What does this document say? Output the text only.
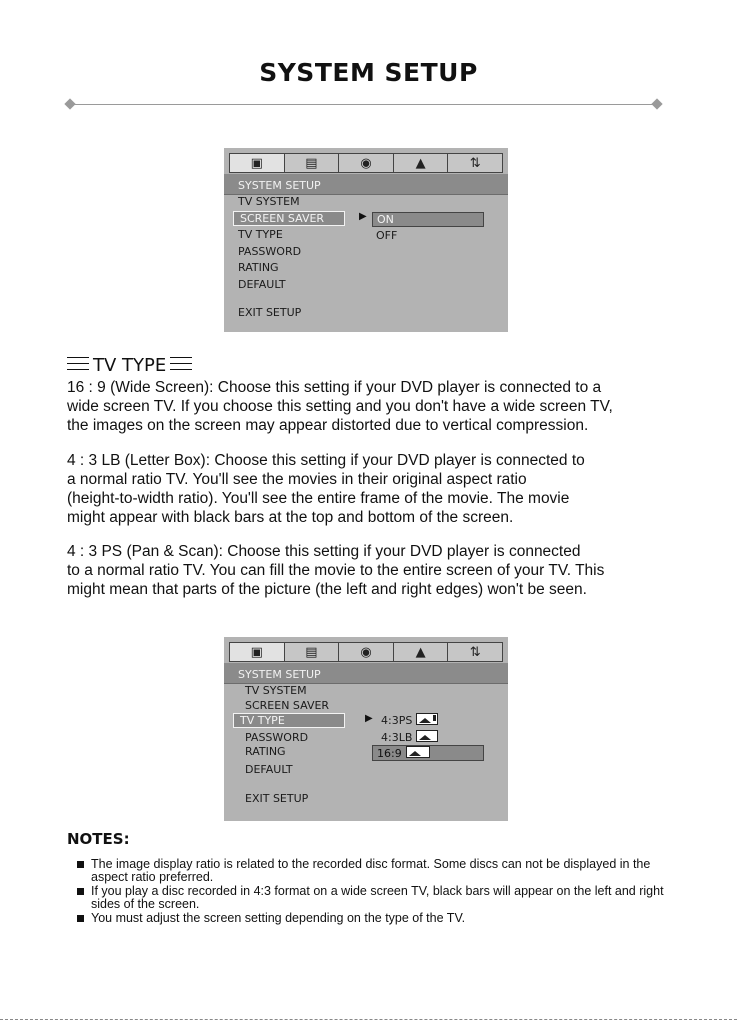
SYSTEM SETUP
▣	▤	◉	▲	⇅
SYSTEM SETUP
TV SYSTEM
SCREEN SAVER
TV TYPE
PASSWORD
RATING
DEFAULT
EXIT SETUP
▶ ON
OFF
TV TYPE
16 : 9 (Wide Screen): Choose this setting if your DVD player is connected to a
wide screen TV. If you choose this setting and you don't have a wide screen TV,
the images on the screen may appear distorted due to vertical compression.
4 : 3 LB (Letter Box): Choose this setting if your DVD player is connected to
a normal ratio TV. You'll see the movies in their original aspect ratio
(height-to-width ratio). You'll see the entire frame of the movie. The movie
might appear with black bars at the top and bottom of the screen.
4 : 3 PS (Pan & Scan): Choose this setting if your DVD player is connected
to a normal ratio TV. You can fill the movie to the entire screen of your TV. This
might mean that parts of the picture (the left and right edges) won't be seen.
▣	▤	◉	▲	⇅
SYSTEM SETUP
TV SYSTEM
SCREEN SAVER
TV TYPE
PASSWORD
RATING
DEFAULT
EXIT SETUP
▶ 4:3PS
4:3LB
16:9
NOTES:
The image display ratio is related to the recorded disc format. Some discs can not be displayed in the aspect ratio preferred.
If you play a disc recorded in 4:3 format on a wide screen TV, black bars will appear on the left and right sides of the screen.
You must adjust the screen setting depending on the type of the TV.
